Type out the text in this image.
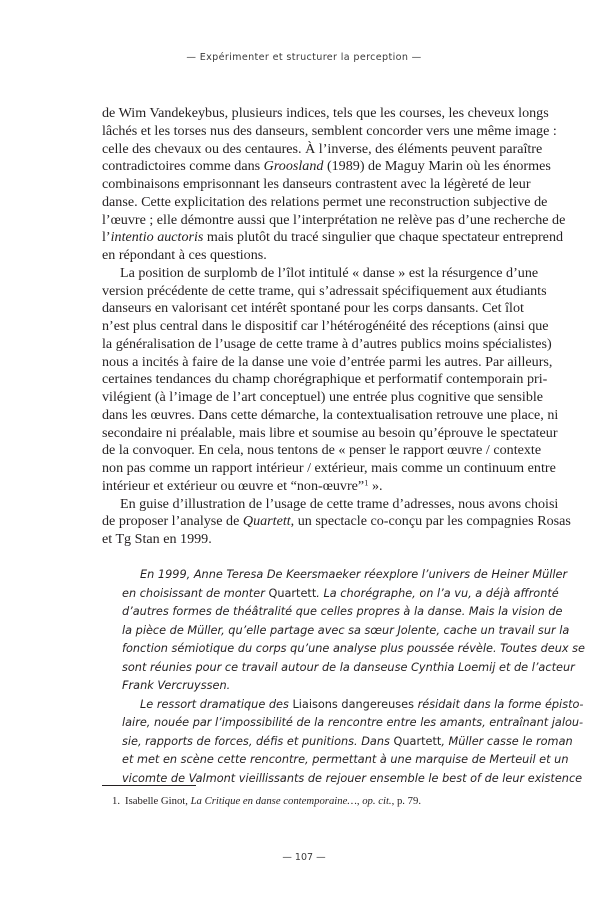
— Expérimenter et structurer la perception —
de Wim Vandekeybus, plusieurs indices, tels que les courses, les cheveux longs
lâchés et les torses nus des danseurs, semblent concorder vers une même image :
celle des chevaux ou des centaures. À l’inverse, des éléments peuvent paraître
contradictoires comme dans Groosland (1989) de Maguy Marin où les énormes
combinaisons emprisonnant les danseurs contrastent avec la légèreté de leur
danse. Cette explicitation des relations permet une reconstruction subjective de
l’œuvre ; elle démontre aussi que l’interprétation ne relève pas d’une recherche de
l’intentio auctoris mais plutôt du tracé singulier que chaque spectateur entreprend
en répondant à ces questions.
La position de surplomb de l’îlot intitulé « danse » est la résurgence d’une
version précédente de cette trame, qui s’adressait spécifiquement aux étudiants
danseurs en valorisant cet intérêt spontané pour les corps dansants. Cet îlot
n’est plus central dans le dispositif car l’hétérogénéité des réceptions (ainsi que
la généralisation de l’usage de cette trame à d’autres publics moins spécialistes)
nous a incités à faire de la danse une voie d’entrée parmi les autres. Par ailleurs,
certaines tendances du champ chorégraphique et performatif contemporain pri-
vilégient (à l’image de l’art conceptuel) une entrée plus cognitive que sensible
dans les œuvres. Dans cette démarche, la contextualisation retrouve une place, ni
secondaire ni préalable, mais libre et soumise au besoin qu’éprouve le spectateur
de la convoquer. En cela, nous tentons de « penser le rapport œuvre / contexte
non pas comme un rapport intérieur / extérieur, mais comme un continuum entre
intérieur et extérieur ou œuvre et “non-œuvre”$^1$ ».
En guise d’illustration de l’usage de cette trame d’adresses, nous avons choisi
de proposer l’analyse de Quartett, un spectacle co-conçu par les compagnies Rosas
et Tg Stan en 1999.
En 1999, Anne Teresa De Keersmaeker réexplore l’univers de Heiner Müller
en choisissant de monter Quartett. La chorégraphe, on l’a vu, a déjà affronté
d’autres formes de théâtralité que celles propres à la danse. Mais la vision de
la pièce de Müller, qu’elle partage avec sa sœur Jolente, cache un travail sur la
fonction sémiotique du corps qu’une analyse plus poussée révèle. Toutes deux se
sont réunies pour ce travail autour de la danseuse Cynthia Loemij et de l’acteur
Frank Vercruyssen.
Le ressort dramatique des Liaisons dangereuses résidait dans la forme épisto-
laire, nouée par l’impossibilité de la rencontre entre les amants, entraînant jalou-
sie, rapports de forces, défis et punitions. Dans Quartett, Müller casse le roman
et met en scène cette rencontre, permettant à une marquise de Merteuil et un
vicomte de Valmont vieillissants de rejouer ensemble le best of de leur existence
1. Isabelle Ginot, La Critique en danse contemporaine…, op. cit., p. 79.
— 107 —
